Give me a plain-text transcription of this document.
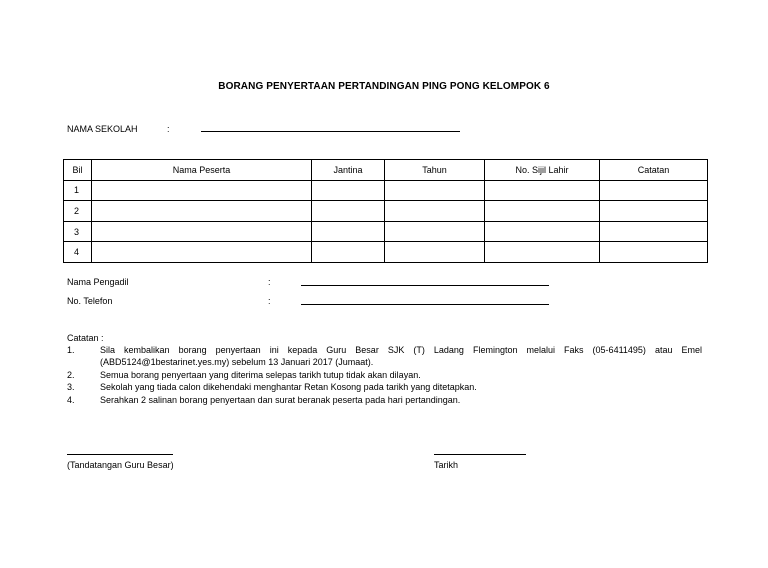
BORANG PENYERTAAN PERTANDINGAN PING PONG KELOMPOK 6
NAMA SEKOLAH	:
Bil	Nama Peserta	Jantina	Tahun	No. Sijil Lahir	Catatan
1					
2					
3					
4					
Nama Pengadil	:
No. Telefon	:
Catatan :
1.	Sila kembalikan borang penyertaan ini kepada Guru Besar SJK (T) Ladang Flemington melalui Faks (05-6411495) atau Emel
(ABD5124@1bestarinet.yes.my) sebelum 13 Januari 2017 (Jumaat).
2.	Semua borang penyertaan yang diterima selepas tarikh tutup tidak akan dilayan.
3.	Sekolah yang tiada calon dikehendaki menghantar Retan Kosong pada tarikh yang ditetapkan.
4.	Serahkan 2 salinan borang penyertaan dan surat beranak peserta pada hari pertandingan.
(Tandatangan Guru Besar)	Tarikh
